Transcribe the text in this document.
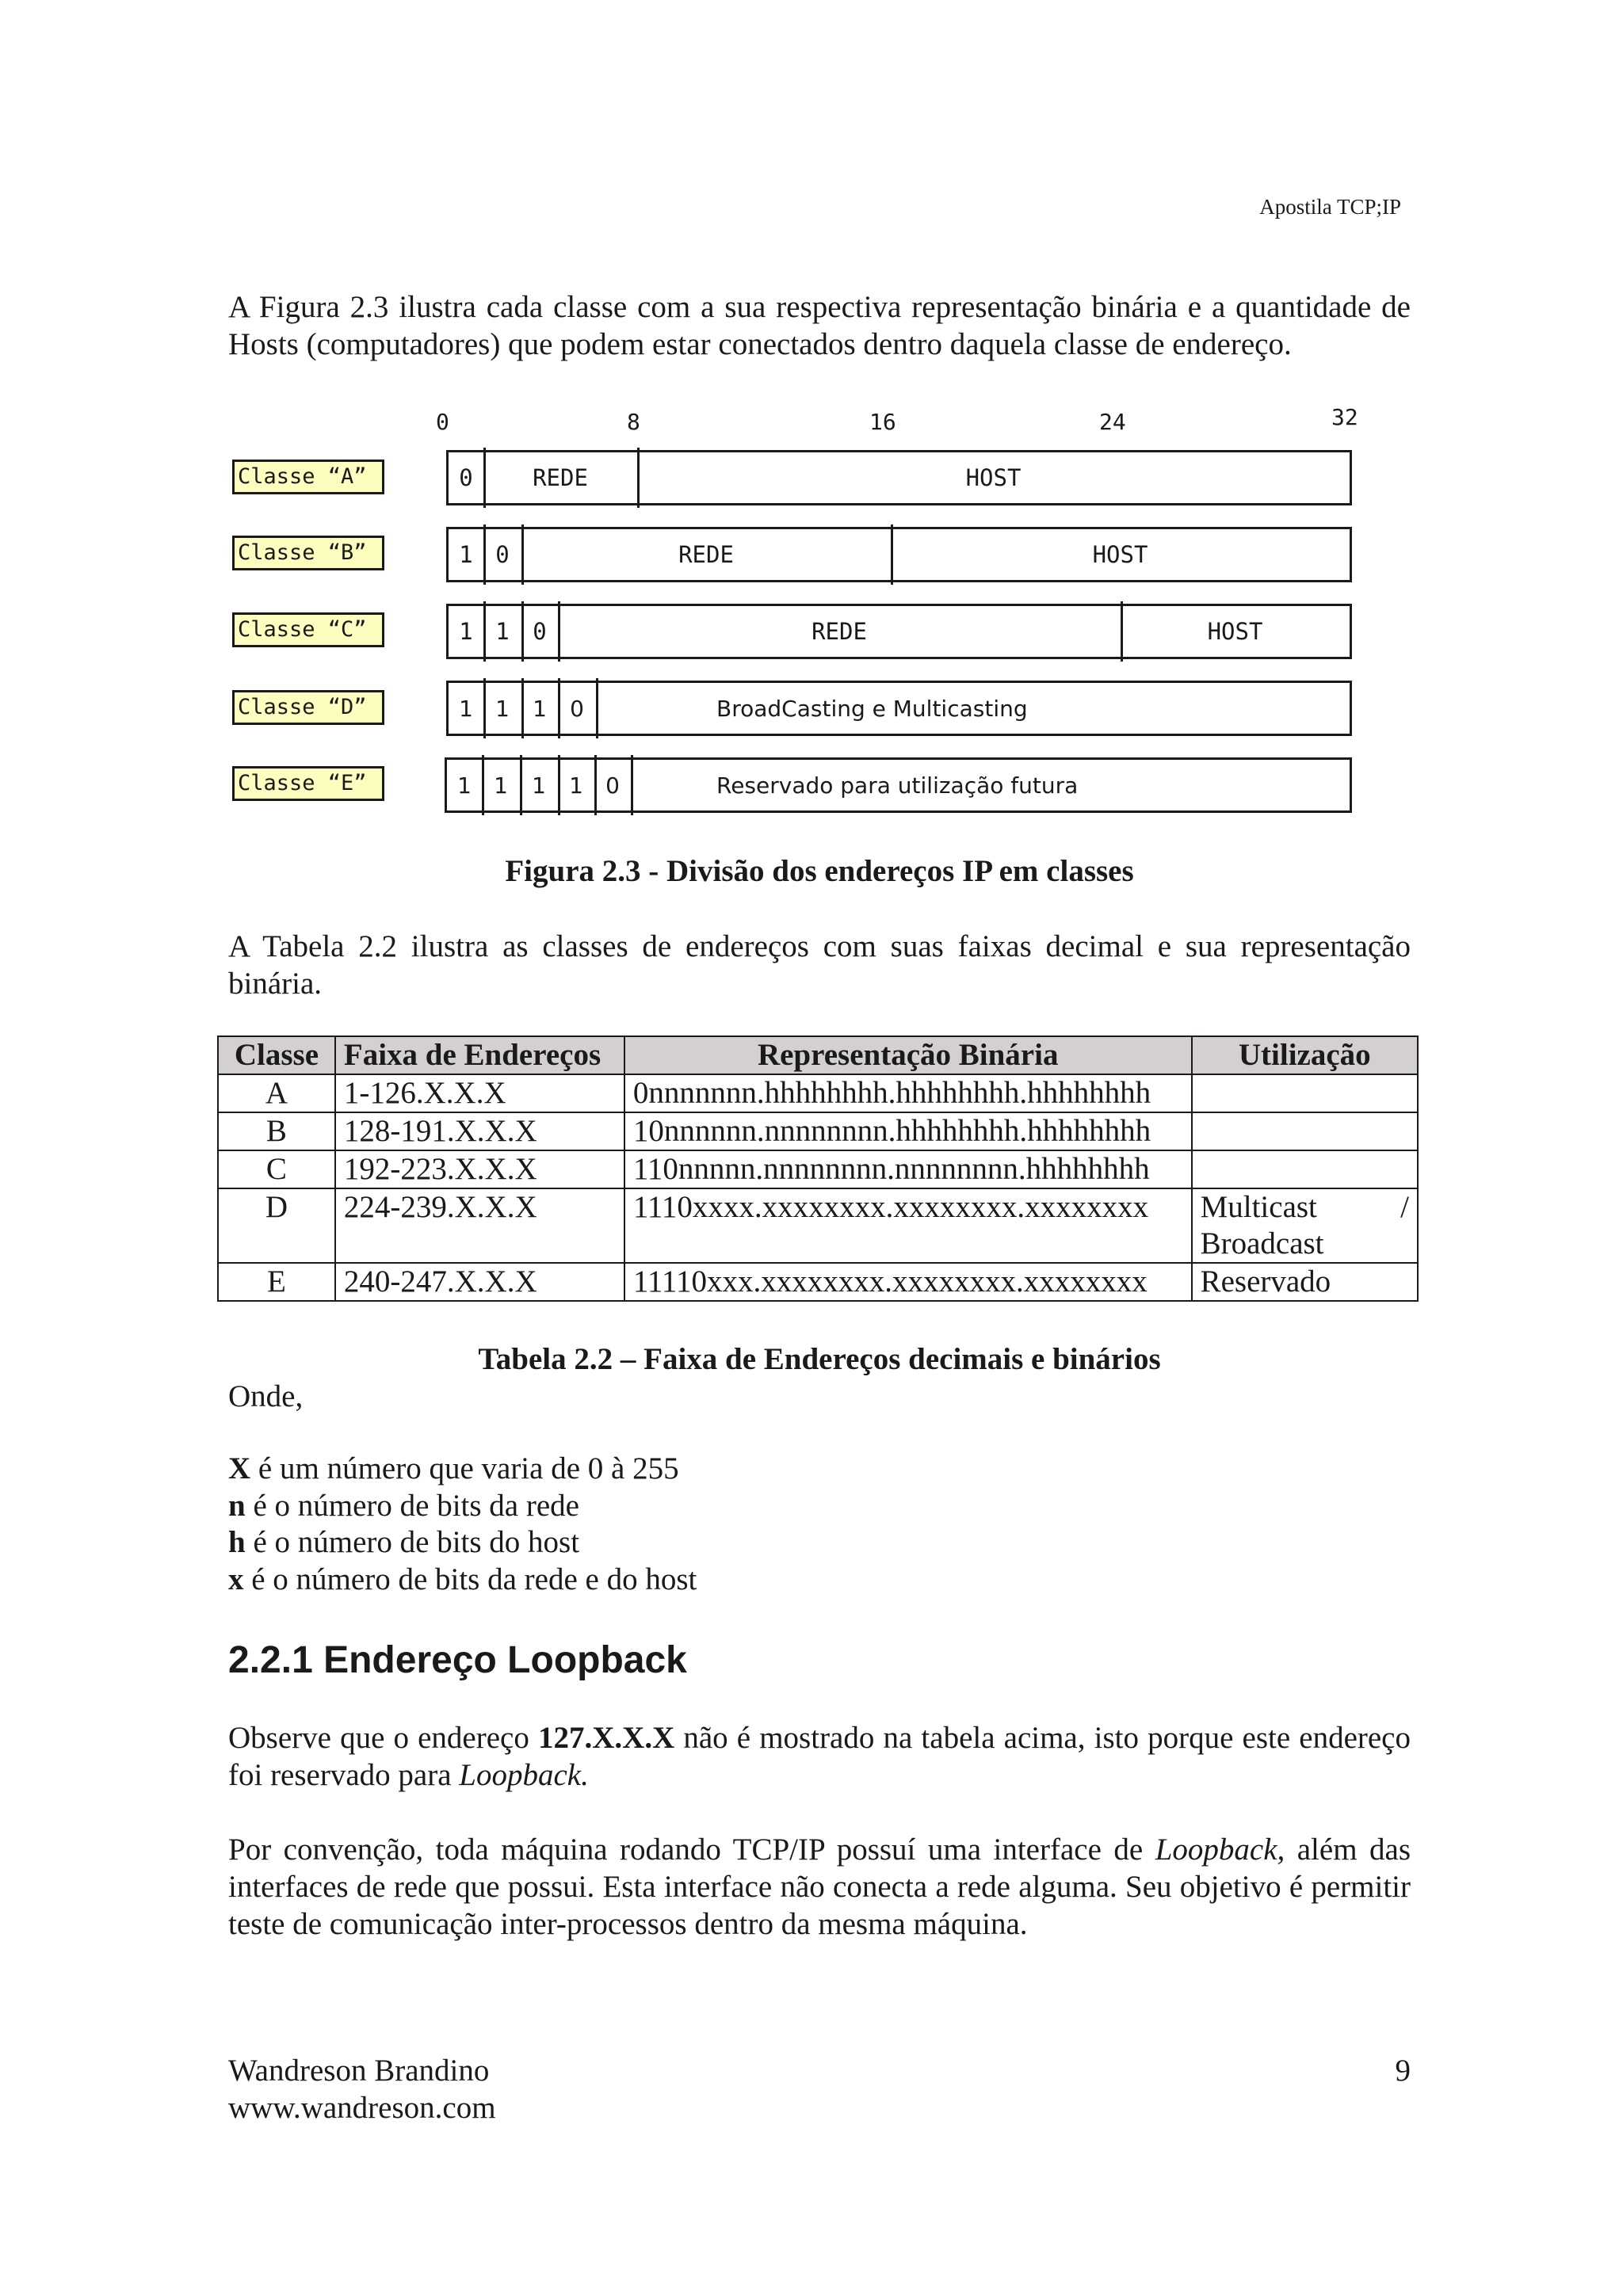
Apostila TCP;IP
A Figura 2.3 ilustra cada classe com a sua respectiva representação binária e a quantidade de Hosts (computadores) que podem estar conectados dentro daquela classe de endereço.
0	8	16	24	32
Classe “A”	0	REDE	HOST
Classe “B”	1 0	REDE	HOST
Classe “C”	1 1	0	REDE	HOST
Classe “D”	1	1	1	0	BroadCasting e Multicasting
Classe “E”	1	1	1	1	0	Reservado para utilização futura
Figura 2.3 - Divisão dos endereços IP em classes
A Tabela 2.2 ilustra as classes de endereços com suas faixas decimal e sua representação binária.
Classe	Faixa de Endereços	Representação Binária	Utilização
A	1-126.X.X.X	0nnnnnnn.hhhhhhhh.hhhhhhhh.hhhhhhhh	
B	128-191.X.X.X	10nnnnnn.nnnnnnnn.hhhhhhhh.hhhhhhhh	
C	192-223.X.X.X	110nnnnn.nnnnnnnn.nnnnnnnn.hhhhhhhh	
D	224-239.X.X.X	1110xxxx.xxxxxxxx.xxxxxxxx.xxxxxxxx	Multicast /
Broadcast

E	240-247.X.X.X	11110xxx.xxxxxxxx.xxxxxxxx.xxxxxxxx	Reservado
Tabela 2.2 – Faixa de Endereços decimais e binários
Onde,
X é um número que varia de 0 à 255
n é o número de bits da rede
h é o número de bits do host
x é o número de bits da rede e do host
2.2.1 Endereço Loopback
Observe que o endereço 127.X.X.X não é mostrado na tabela acima, isto porque este endereço foi reservado para Loopback.
Por convenção, toda máquina rodando TCP/IP possuí uma interface de Loopback, além das interfaces de rede que possui. Esta interface não conecta a rede alguma. Seu objetivo é permitir teste de comunicação inter-processos dentro da mesma máquina.
Wandreson Brandino
www.wandreson.com
9
